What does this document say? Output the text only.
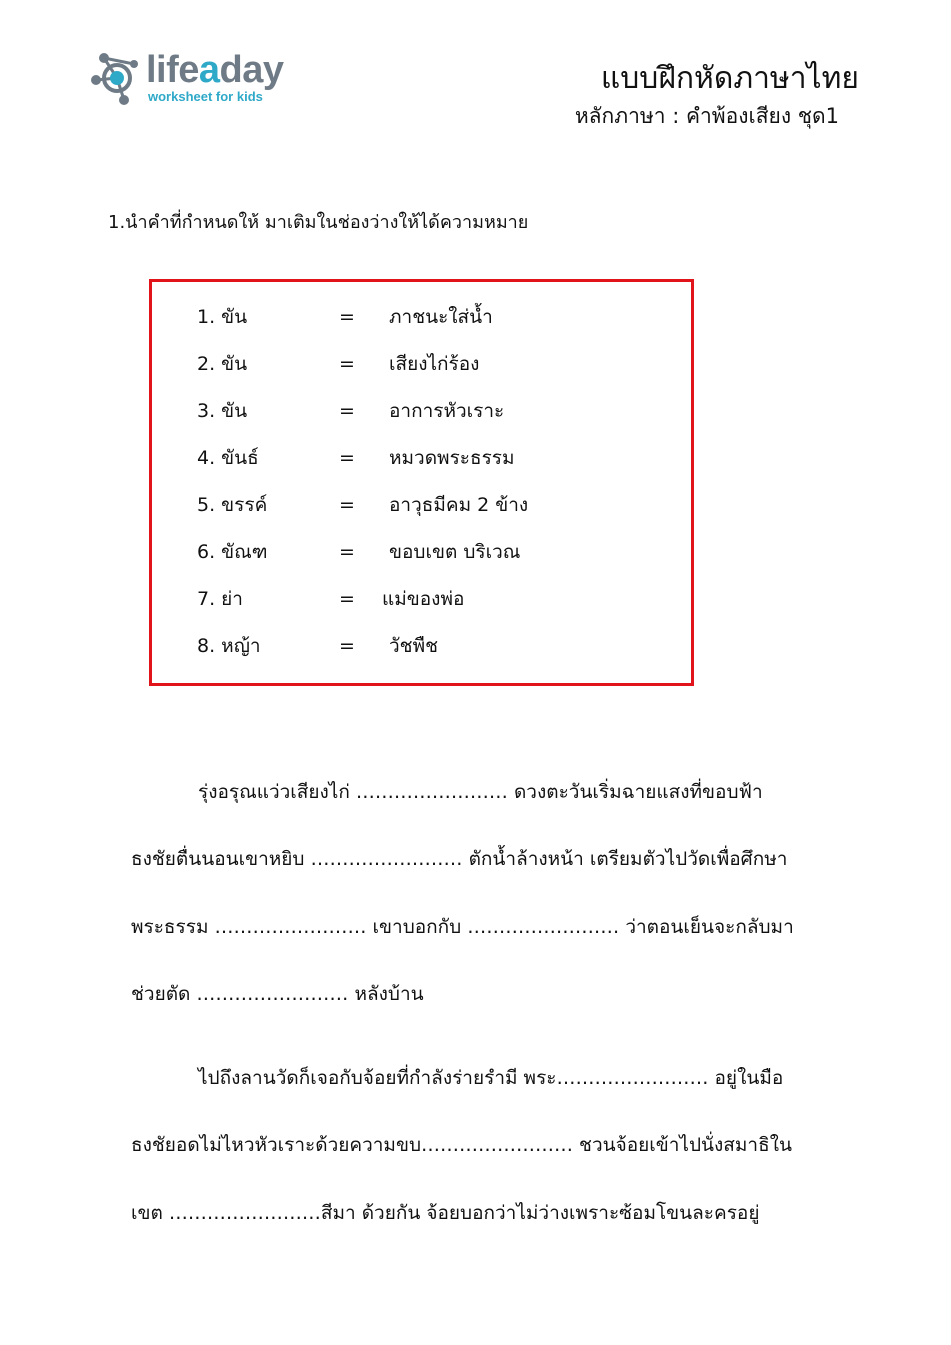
lifeaday
worksheet for kids
แบบฝึกหัดภาษาไทย
หลักภาษา : คำพ้องเสียง ชุด1

1.นำคำที่กำหนดให้ มาเติมในช่องว่างให้ได้ความหมาย

1. ขัน	= ภาชนะใส่น้ำ
2. ขัน	= เสียงไก่ร้อง
3. ขัน	= อาการหัวเราะ
4. ขันธ์	= หมวดพระธรรม
5. ขรรค์	= อาวุธมีคม 2 ข้าง
6. ขัณฑ	= ขอบเขต บริเวณ
7. ย่า	= แม่ของพ่อ
8. หญ้า	= วัชพืช

รุ่งอรุณแว่วเสียงไก่ …………………… ดวงตะวันเริ่มฉายแสงที่ขอบฟ้า

ธงชัยตื่นนอนเขาหยิบ …………………… ตักน้ำล้างหน้า เตรียมตัวไปวัดเพื่อศึกษา

พระธรรม …………………… เขาบอกกับ …………………… ว่าตอนเย็นจะกลับมา

ช่วยตัด …………………… หลังบ้าน

ไปถึงลานวัดก็เจอกับจ้อยที่กำลังร่ายรำมี พระ…………………… อยู่ในมือ

ธงชัยอดไม่ไหวหัวเราะด้วยความขบ…………………… ชวนจ้อยเข้าไปนั่งสมาธิใน

เขต ……………………สีมา ด้วยกัน จ้อยบอกว่าไม่ว่างเพราะซ้อมโขนละครอยู่
